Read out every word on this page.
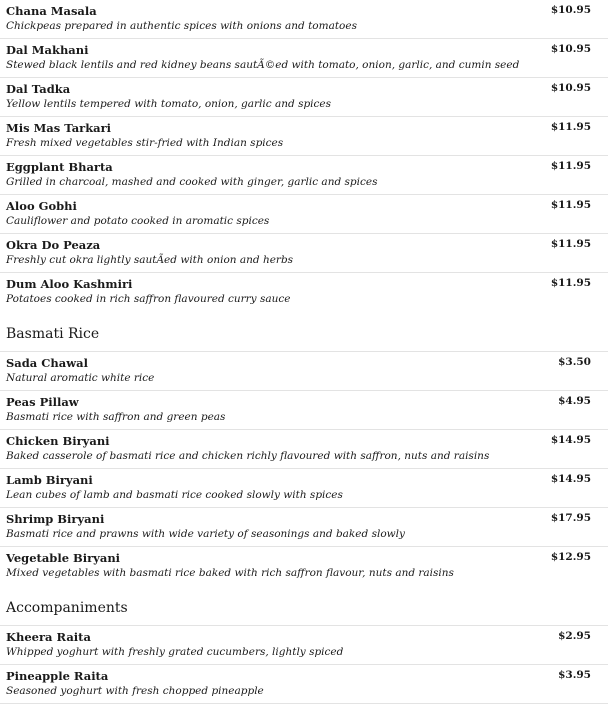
Chana Masala	$10.95
Chickpeas prepared in authentic spices with onions and tomatoes
Dal Makhani	$10.95
Stewed black lentils and red kidney beans sautÃ©ed with tomato, onion, garlic, and cumin seed
Dal Tadka	$10.95
Yellow lentils tempered with tomato, onion, garlic and spices
Mis Mas Tarkari	$11.95
Fresh mixed vegetables stir-fried with Indian spices
Eggplant Bharta	$11.95
Grilled in charcoal, mashed and cooked with ginger, garlic and spices
Aloo Gobhi	$11.95
Cauliflower and potato cooked in aromatic spices
Okra Do Peaza	$11.95
Freshly cut okra lightly sautÃed with onion and herbs
Dum Aloo Kashmiri	$11.95
Potatoes cooked in rich saffron flavoured curry sauce
Basmati Rice
Sada Chawal	$3.50
Natural aromatic white rice
Peas Pillaw	$4.95
Basmati rice with saffron and green peas
Chicken Biryani	$14.95
Baked casserole of basmati rice and chicken richly flavoured with saffron, nuts and raisins
Lamb Biryani	$14.95
Lean cubes of lamb and basmati rice cooked slowly with spices
Shrimp Biryani	$17.95
Basmati rice and prawns with wide variety of seasonings and baked slowly
Vegetable Biryani	$12.95
Mixed vegetables with basmati rice baked with rich saffron flavour, nuts and raisins
Accompaniments
Kheera Raita	$2.95
Whipped yoghurt with freshly grated cucumbers, lightly spiced
Pineapple Raita	$3.95
Seasoned yoghurt with fresh chopped pineapple
